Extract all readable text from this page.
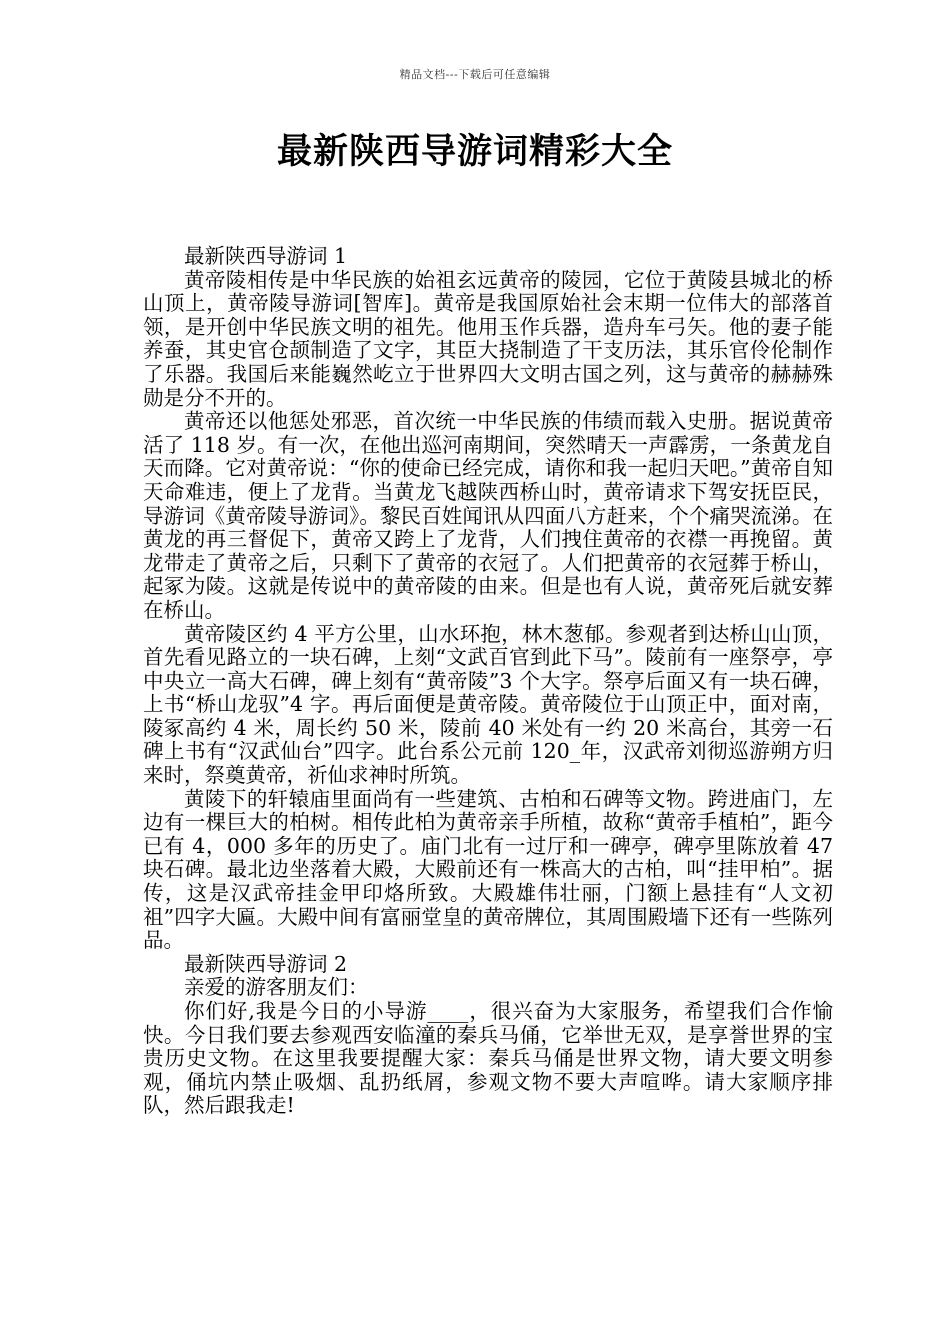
精品文档---下载后可任意编辑
最新陕西导游词精彩大全

最新陕西导游词 1

黄帝陵相传是中华民族的始祖玄远黄帝的陵园，它位于黄陵县城北的桥山顶上，黄帝陵导游词[智库]。黄帝是我国原始社会末期一位伟大的部落首领，是开创中华民族文明的祖先。他用玉作兵器，造舟车弓矢。他的妻子能养蚕，其史官仓颉制造了文字，其臣大挠制造了干支历法，其乐官伶伦制作了乐器。我国后来能巍然屹立于世界四大文明古国之列，这与黄帝的赫赫殊勋是分不开的。

黄帝还以他惩处邪恶，首次统一中华民族的伟绩而载入史册。据说黄帝活了 118 岁。有一次，在他出巡河南期间，突然晴天一声霹雳，一条黄龙自天而降。它对黄帝说：“你的使命已经完成，请你和我一起归天吧。”黄帝自知天命难违，便上了龙背。当黄龙飞越陕西桥山时，黄帝请求下驾安抚臣民，导游词《黄帝陵导游词》。黎民百姓闻讯从四面八方赶来，个个痛哭流涕。在黄龙的再三督促下，黄帝又跨上了龙背，人们拽住黄帝的衣襟一再挽留。黄龙带走了黄帝之后，只剩下了黄帝的衣冠了。人们把黄帝的衣冠葬于桥山，起冢为陵。这就是传说中的黄帝陵的由来。但是也有人说，黄帝死后就安葬在桥山。

黄帝陵区约 4 平方公里，山水环抱，林木葱郁。参观者到达桥山山顶，首先看见路立的一块石碑，上刻“文武百官到此下马”。陵前有一座祭亭，亭中央立一高大石碑，碑上刻有“黄帝陵”3 个大字。祭亭后面又有一块石碑，上书“桥山龙驭”4 字。再后面便是黄帝陵。黄帝陵位于山顶正中，面对南，陵冢高约 4 米，周长约 50 米，陵前 40 米处有一约 20 米高台，其旁一石碑上书有“汉武仙台”四字。此台系公元前 120_年，汉武帝刘彻巡游朔方归来时，祭奠黄帝，祈仙求神时所筑。

黄陵下的轩辕庙里面尚有一些建筑、古柏和石碑等文物。跨进庙门，左边有一棵巨大的柏树。相传此柏为黄帝亲手所植，故称“黄帝手植柏”，距今已有 4，000 多年的历史了。庙门北有一过厅和一碑亭，碑亭里陈放着 47 块石碑。最北边坐落着大殿，大殿前还有一株高大的古柏，叫“挂甲柏”。据传，这是汉武帝挂金甲印烙所致。大殿雄伟壮丽，门额上悬挂有“人文初祖”四字大匾。大殿中间有富丽堂皇的黄帝牌位，其周围殿墙下还有一些陈列品。

最新陕西导游词 2

亲爱的游客朋友们：

你们好,我是今日的小导游____，很兴奋为大家服务，希望我们合作愉快。今日我们要去参观西安临潼的秦兵马俑，它举世无双，是享誉世界的宝贵历史文物。在这里我要提醒大家：秦兵马俑是世界文物，请大要文明参观，俑坑内禁止吸烟、乱扔纸屑，参观文物不要大声喧哗。请大家顺序排队，然后跟我走!
